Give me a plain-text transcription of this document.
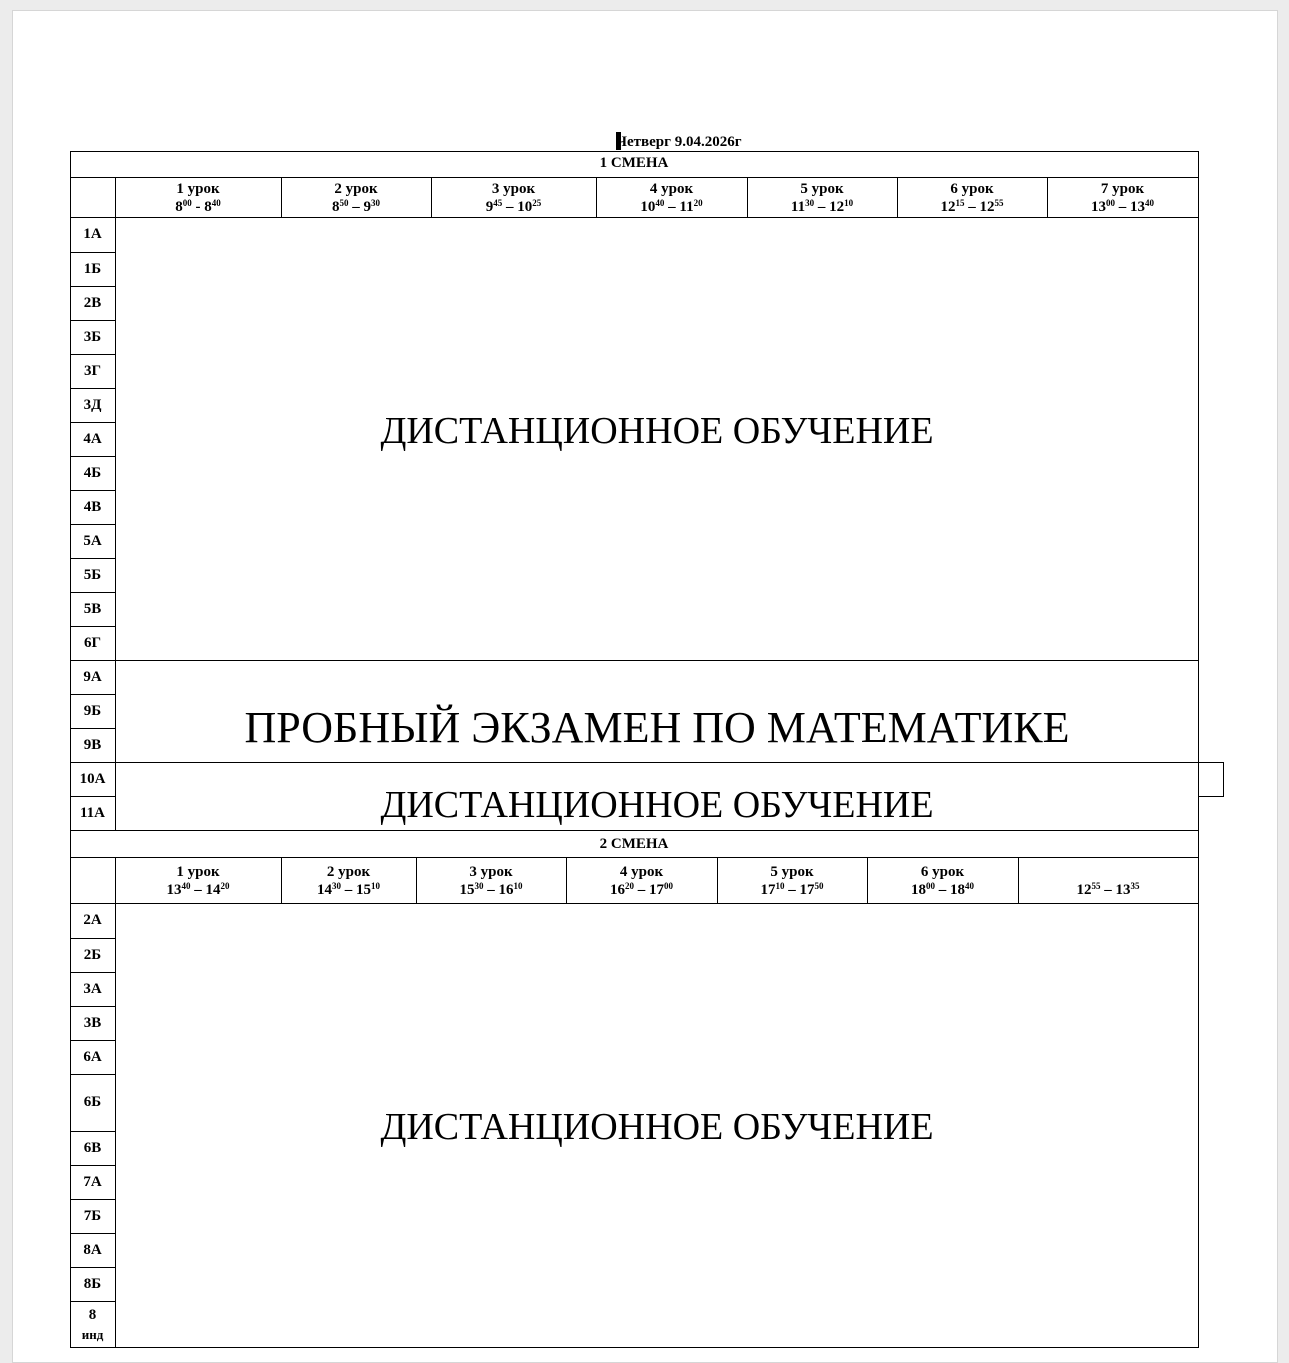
Четверг 9.04.2026г
1 СМЕНА
1 урок
$8^{00} - 8^{40}$
2 урок
$8^{50} - 9^{30}$
3 урок
$9^{45} - 10^{25}$
4 урок
$10^{40} - 11^{20}$
5 урок
$11^{30} - 12^{10}$
6 урок
$12^{15} - 12^{55}$
7 урок
$13^{00} - 13^{40}$
1А
1Б
2В
3Б
3Г
3Д
4А
4Б
4В
5А
5Б
5В
6Г
9А
9Б
9В
10А
11А
ДИСТАНЦИОННОЕ ОБУЧЕНИЕ
ПРОБНЫЙ ЭКЗАМЕН ПО МАТЕМАТИКЕ
ДИСТАНЦИОННОЕ ОБУЧЕНИЕ
2 СМЕНА
1 урок
$13^{40} - 14^{20}$
2 урок
$14^{30} - 15^{10}$
3 урок
$15^{30} - 16^{10}$
4 урок
$16^{20} - 17^{00}$
5 урок
$17^{10} - 17^{50}$
6 урок
$18^{00} - 18^{40}$
	$12^{55} - 13^{35}$
2А
2Б
3А
3В
6А
6Б
6В
7А
7Б
8А
8Б
8
инд
ДИСТАНЦИОННОЕ ОБУЧЕНИЕ
